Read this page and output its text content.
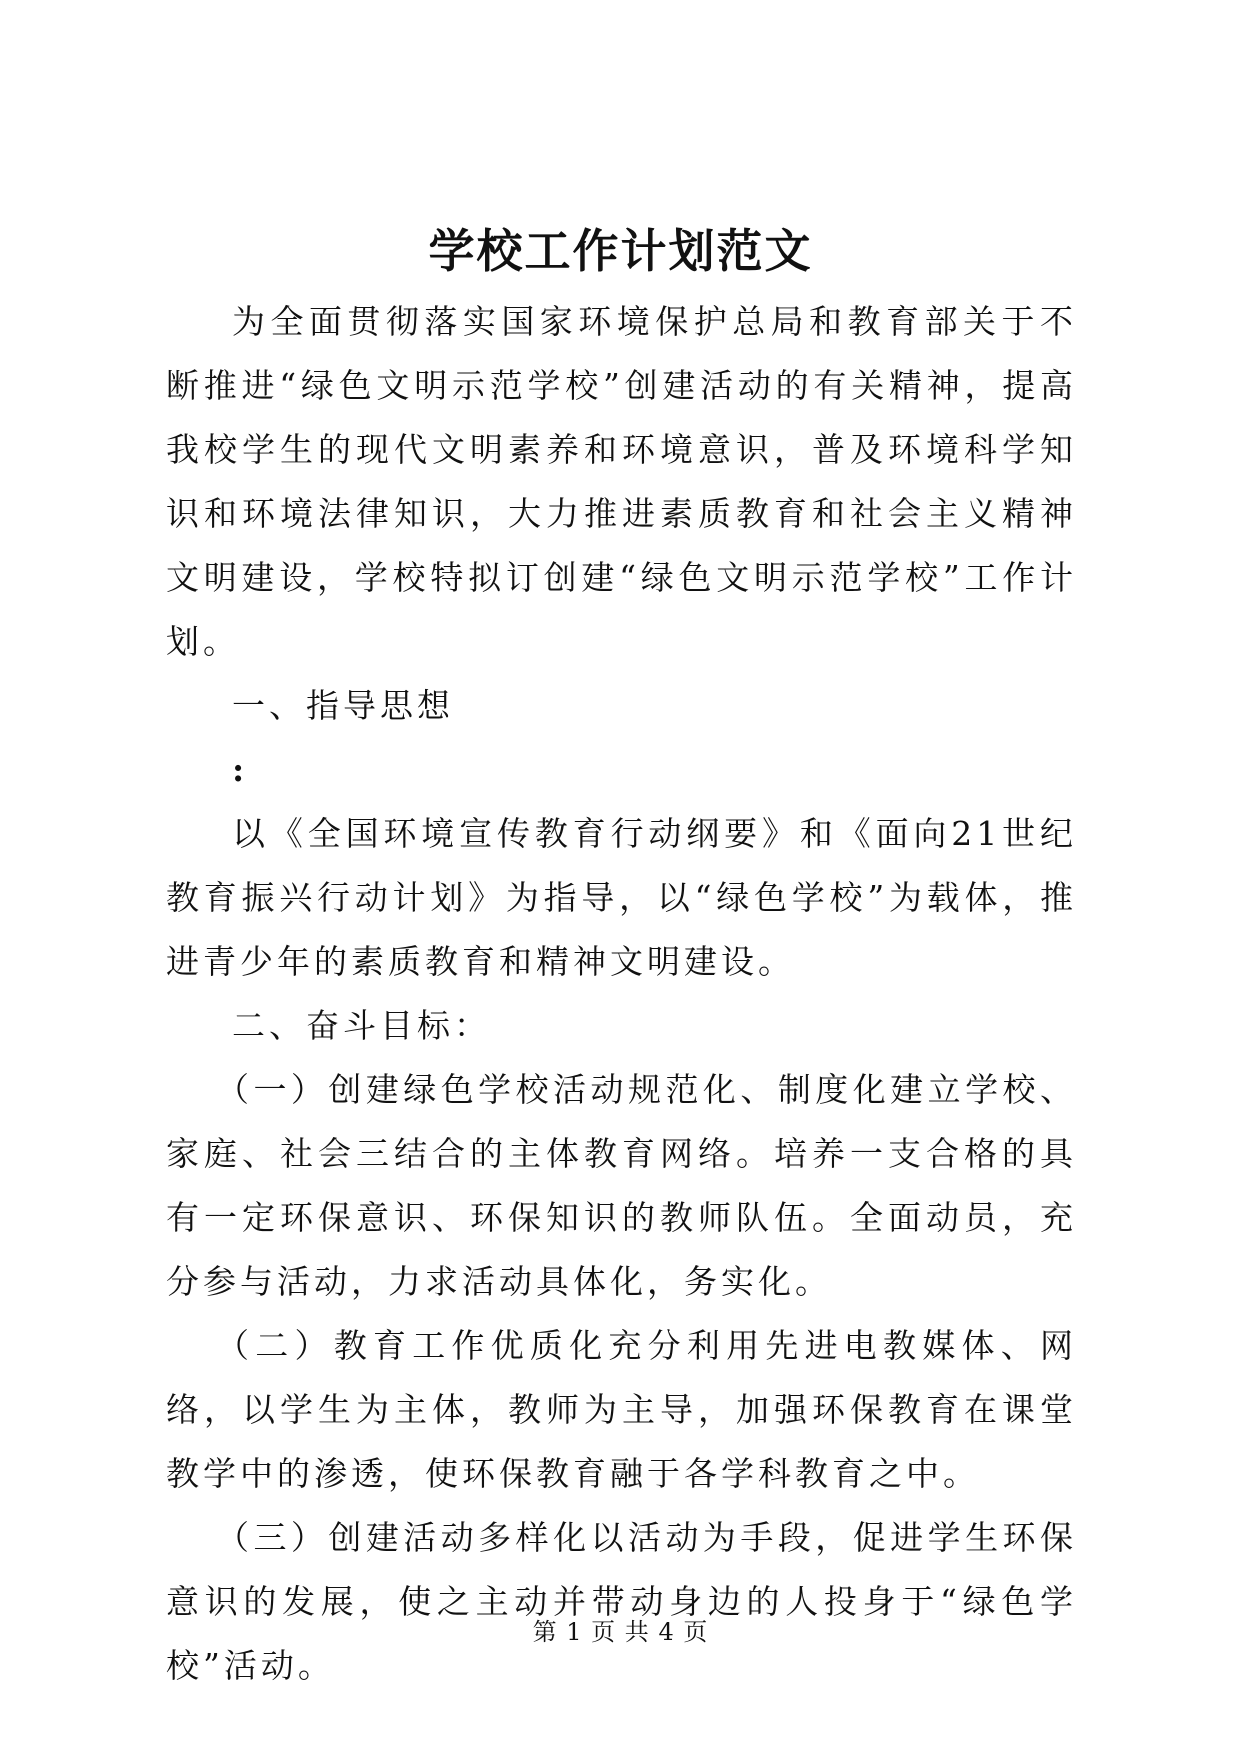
学校工作计划范文

为全面贯彻落实国家环境保护总局和教育部关于不断推进“绿色文明示范学校”创建活动的有关精神，提高我校学生的现代文明素养和环境意识，普及环境科学知识和环境法律知识，大力推进素质教育和社会主义精神文明建设，学校特拟订创建“绿色文明示范学校”工作计划。

一、指导思想

:

以《全国环境宣传教育行动纲要》和《面向21世纪教育振兴行动计划》为指导，以“绿色学校”为载体，推进青少年的素质教育和精神文明建设。

二、奋斗目标：

（一）创建绿色学校活动规范化、制度化建立学校、家庭、社会三结合的主体教育网络。培养一支合格的具有一定环保意识、环保知识的教师队伍。全面动员，充分参与活动，力求活动具体化，务实化。

（二）教育工作优质化充分利用先进电教媒体、网络，以学生为主体，教师为主导，加强环保教育在课堂教学中的渗透，使环保教育融于各学科教育之中。

（三）创建活动多样化以活动为手段，促进学生环保意识的发展，使之主动并带动身边的人投身于“绿色学校”活动。

第 1 页 共 4 页
